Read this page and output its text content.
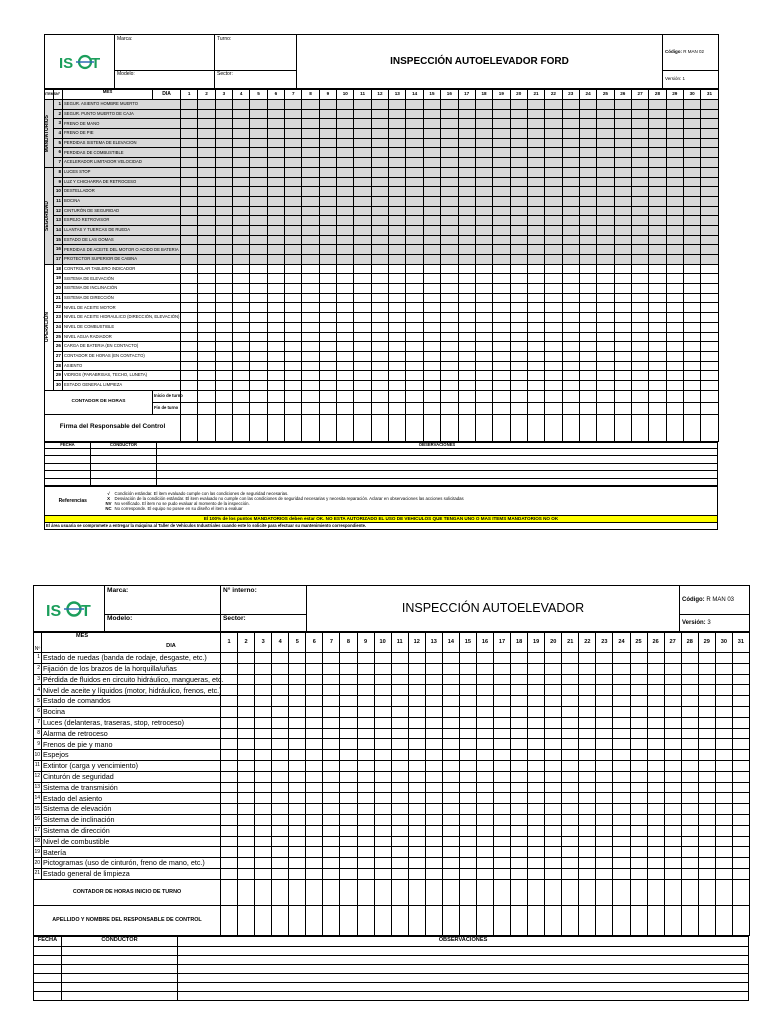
IS T	Marca:	Turno:	INSPECCIÓN AUTOELEVADOR FORD	Código: R MAN 02
	Modelo:	Sector:		Versión: 1
ITEMS	Nº	MES	DIA	1	2	3	4	5	6	7	8	9	10	11	12	13	14	15	16	17	18	19	20	21	22	23	24	25	26	27	28	29	30	31

MANDATORIOS	1	SEGUR. ASIENTO HOMBRE MUERTO																																
	2	SEGUR. PUNTO MUERTO DE CAJA																																
	3	FRENO DE MANO																																
	4	FRENO DE PIE																																
	5	PERDIDAS SISTEMA DE ELEVACION																																
	6	PERDIDAS DE COMBUSTIBLE																																
	7	ACELERADOR LIMITADOR VELOCIDAD																																

SEGURIDAD	8	LUCES STOP																																
	9	LUZ Y CHICHARRA DE RETROCESO																																
	10	DESTELLADOR																																
	11	BOCINA																																
	12	CINTURÓN DE SEGURIDAD																																
	13	ESPEJO RETROVISOR																																
	14	LLANTAS Y TUERCAS DE RUEDA																																
	15	ESTADO DE LAS GOMAS																																
	16	PERDIDAS DE ACEITE DEL MOTOR O ACIDO DE BATERIA																																
	17	PROTECTOR SUPERIOR DE CABINA																																

OPERACIÓN	18	CONTROLAR TABLERO INDICADOR																																
	19	SISTEMA DE ELEVACIÓN																																
	20	SISTEMA DE INCLINACIÓN																																
	21	SISTEMA DE DIRECCIÓN																																
	22	NIVEL DE ACEITE MOTOR																																
	23	NIVEL DE ACEITE HIDRAULICO (DIRECCIÓN, ELEVACIÓN)																																
	24	NIVEL DE COMBUSTIBLE																																
	25	NIVEL AGUA RADIADOR																																
	26	CARGA DE BATERIA (EN CONTACTO)																																
	27	CONTADOR DE HORAS (EN CONTACTO)																																
	28	ASIENTO																																
	29	VIDRIOS (PARABRISAS, TECHO, LUNETA)																																
	30	ESTADO GENERAL LIMPIEZA																																
CONTADOR DE HORAS			Inicio de turno																															
			Fin de turno																															
Firma del Responsable del Control																																		
FECHA	CONDUCTOR	OBSERVACIONES

Referencias	
√ Condición estándar. El item evaluado cumple con las condiciones de seguridad necesarias.
X Desviación de la condición estándar. El item evaluado no cumple con las condiciones de seguridad necesarias y necesita reparación. Aclarar en observaciones las acciones solicitadas
NV No verificado. El item no se pudo evaluar al momento de la inspección.
NC No corresponde. El equipo no posee en su diseño el item a evaluar

El 100% de los puntos MANDATORIOS deben estar OK. NO ESTA AUTORIZADO EL USO DE VEHICULOS QUE TENGAN UNO O MAS ITEMS MANDATORIOS NO OK
El área usuaria se compromete a entregar la máquina al Taller de Vehículos Industriales cuando este lo solicite para efectuar su mantenimiento correspondiente.
IS T	Marca:	N° interno:	INSPECCIÓN AUTOELEVADOR	Código: R MAN 03
	Modelo:	Sector:		Versión: 3
Nº	MES	1	2	3	4	5	6	7	8	9	10	11	12	13	14	15	16	17	18	19	20	21	22	23	24	25	26	27	28	29	30	31

	DIA																															

1	Estado de ruedas (banda de rodaje, desgaste, etc.)																															
2	Fijación de los brazos de la horquilla/uñas																															
3	Pérdida de fluidos en circuito hidráulico, mangueras, etc.																															
4	Nivel de aceite y líquidos (motor, hidráulico, frenos, etc.)																															
5	Estado de comandos																															
6	Bocina																															
7	Luces (delanteras, traseras, stop, retroceso)																															
8	Alarma de retroceso																															
9	Frenos de pie y mano																															
10	Espejos																															
11	Extintor (carga y vencimiento)																															
12	Cinturón de seguridad																															
13	Sistema de transmisión																															
14	Estado del asiento																															
15	Sistema de elevación																															
16	Sistema de inclinación																															
17	Sistema de dirección																															
18	Nivel de combustible																															
19	Batería																															
20	Pictogramas (uso de cinturón, freno de mano, etc.)																															
21	Estado general de limpieza																															
CONTADOR DE HORAS INICIO DE TURNO																																
APELLIDO Y NOMBRE DEL RESPONSABLE DE CONTROL																																
FECHA	CONDUCTOR	OBSERVACIONES
